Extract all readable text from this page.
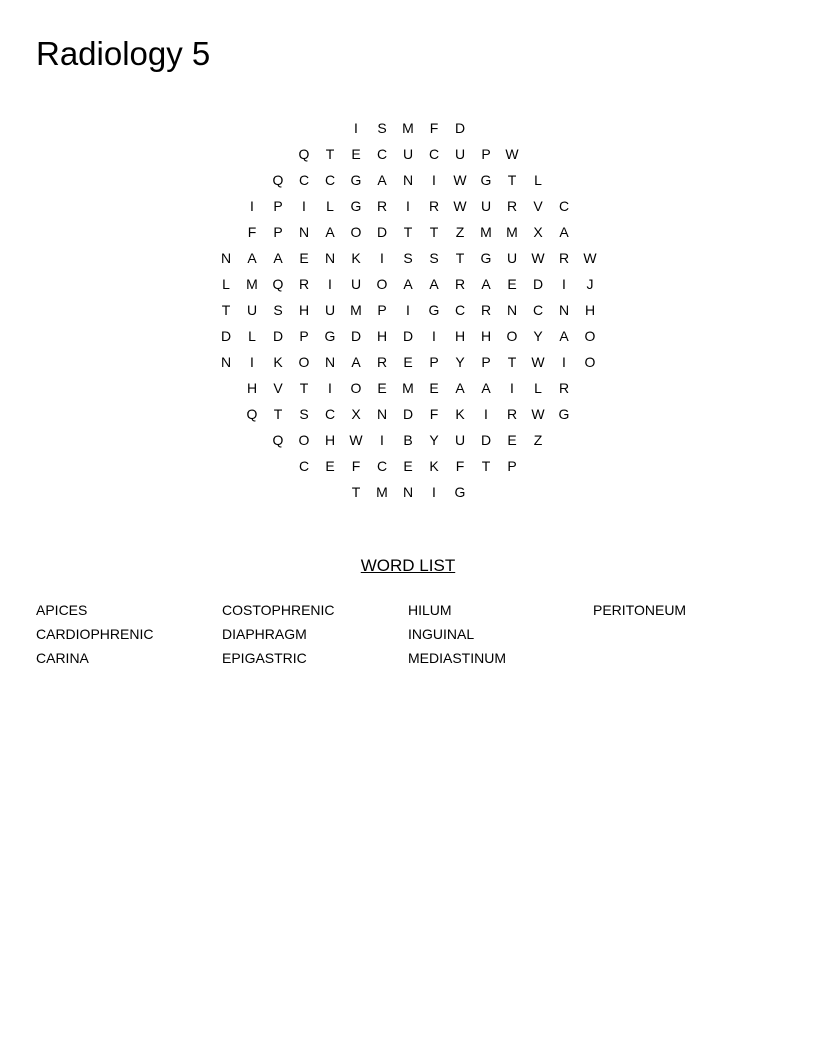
Radiology 5
I	S	M	F	D
Q	T	E	C	U	C	U	P	W
Q	C	C	G	A	N	I	W G	T	L
I	P	I	L	G	R	I	R	W	U	R	V	C
F	P	N	A	O	D	T	T	Z	M	M	X	A
N	A	A	E	N	K	I	S	S	T	G	U	W	R	W
L	M	Q	R	I	U	O	A	A	R	A	E	D	I	J
T	U	S	H	U	M	P	I	G	C	R	N	C	N	H
D	L	D	P	G	D	H	D	I	H	H	O	Y	A	O
N	I	K	O	N	A	R	E	P	Y	P	T	W	I	O
H	V	T	I	O	E	M	E	A	A	I	L	R
Q	T	S	C	X	N	D	F	K	I	R	W G
Q	O	H	W	I	B	Y	U	D	E	Z
C	E	F	C	E	K	F	T	P
T	M	N	I	G
WORD LIST
APICES
CARDIOPHRENIC
CARINA
COSTOPHRENIC
DIAPHRAGM
EPIGASTRIC
HILUM
INGUINAL
MEDIASTINUM
PERITONEUM
